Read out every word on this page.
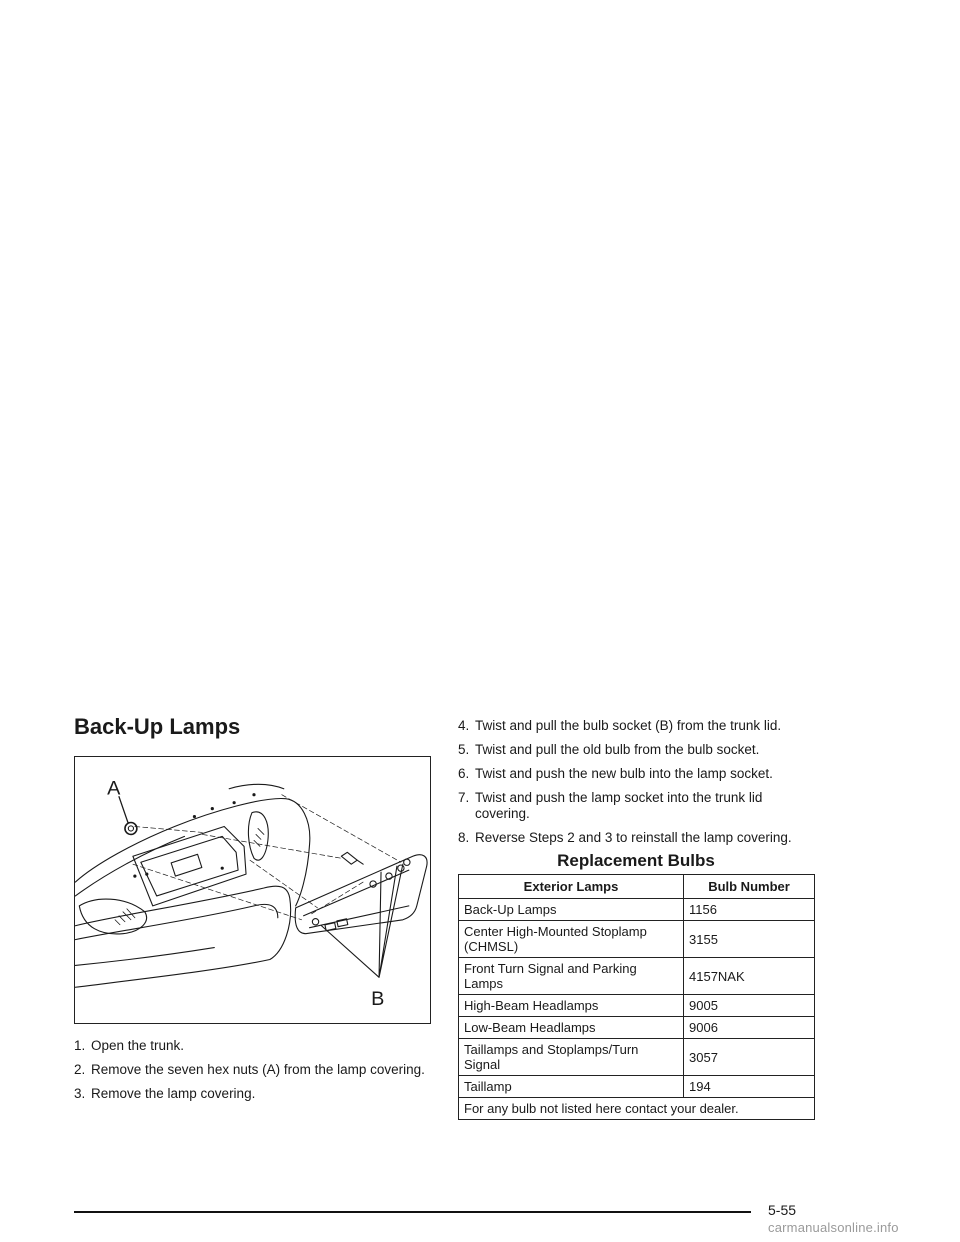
Back-Up Lamps
A
B
1. Open the trunk.
2. Remove the seven hex nuts (A) from the lamp covering.
3. Remove the lamp covering.
4. Twist and pull the bulb socket (B) from the trunk lid.
5. Twist and pull the old bulb from the bulb socket.
6. Twist and push the new bulb into the lamp socket.
7. Twist and push the lamp socket into the trunk lid covering.
8. Reverse Steps 2 and 3 to reinstall the lamp covering.
Replacement Bulbs
Exterior Lamps	Bulb Number
Back-Up Lamps	1156
Center High-Mounted Stoplamp (CHMSL)	3155
Front Turn Signal and Parking Lamps	4157NAK
High-Beam Headlamps	9005
Low-Beam Headlamps	9006
Taillamps and Stoplamps/Turn Signal	3057
Taillamp	194
For any bulb not listed here contact your dealer.	
5-55
carmanualsonline.info
